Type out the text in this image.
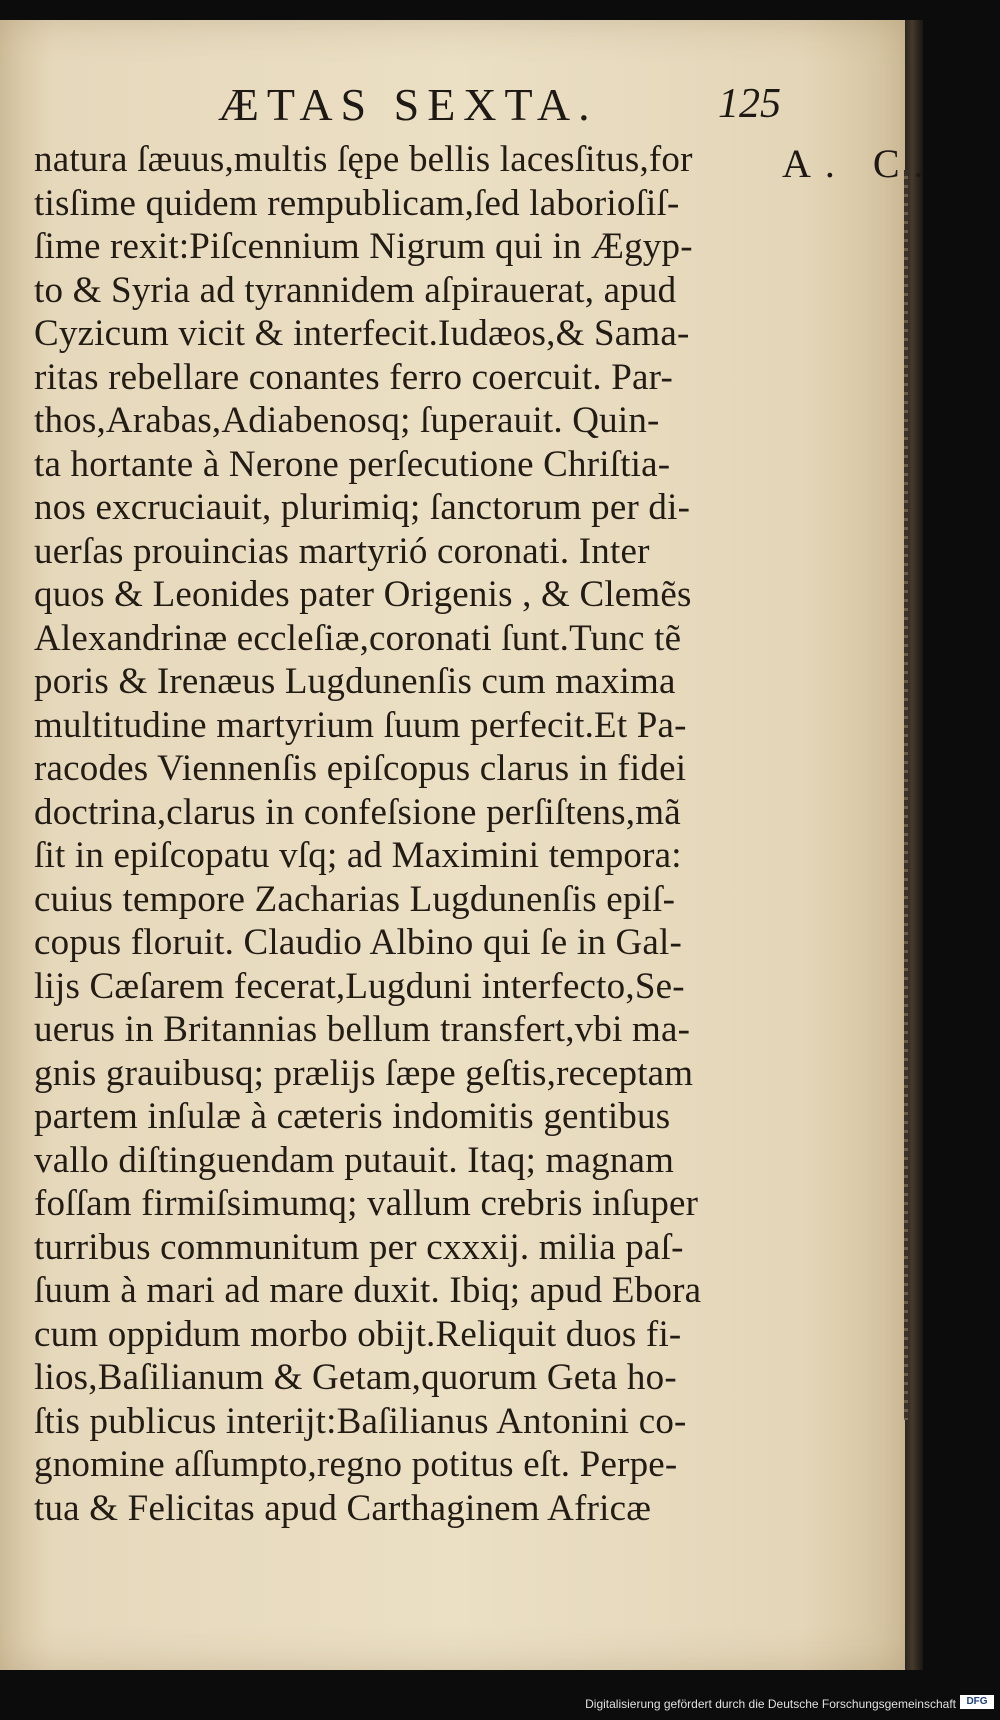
ÆTAS SEXTA.	125
A. C.
natura ſæuus,multis ſępe bellis lacesſitus,for
tisſime quidem rempublicam,ſed laborioſiſ-
ſime rexit:Piſcennium Nigrum qui in Ægyp-
to & Syria ad tyrannidem aſpirauerat, apud
Cyzicum vicit & interfecit.Iudæos,& Sama-
ritas rebellare conantes ferro coercuit. Par-
thos,Arabas,Adiabenosq; ſuperauit. Quin-
ta hortante à Nerone perſecutione Chriſtia-
nos excruciauit, plurimiq; ſanctorum per di-
uerſas prouincias martyrió coronati. Inter
quos & Leonides pater Origenis , & Clemẽs
Alexandrinæ eccleſiæ,coronati ſunt.Tunc tẽ
poris & Irenæus Lugdunenſis cum maxima
multitudine martyrium ſuum perfecit.Et Pa-
racodes Viennenſis epiſcopus clarus in fidei
doctrina,clarus in confeſsione perſiſtens,mã
ſit in epiſcopatu vſq; ad Maximini tempora:
cuius tempore Zacharias Lugdunenſis epiſ-
copus floruit. Claudio Albino qui ſe in Gal-
lijs Cæſarem fecerat,Lugduni interfecto,Se-
uerus in Britannias bellum transfert,vbi ma-
gnis grauibusq; prælijs ſæpe geſtis,receptam
partem inſulæ à cæteris indomitis gentibus
vallo diſtinguendam putauit. Itaq; magnam
foſſam firmiſsimumq; vallum crebris inſuper
turribus communitum per cxxxij. milia paſ-
ſuum à mari ad mare duxit. Ibiq; apud Ebora
cum oppidum morbo obijt.Reliquit duos fi-
lios,Baſilianum & Getam,quorum Geta ho-
ſtis publicus interijt:Baſilianus Antonini co-
gnomine aſſumpto,regno potitus eſt. Perpe-
tua & Felicitas apud Carthaginem Africæ
Digitalisierung gefördert durch die Deutsche Forschungsgemeinschaft	DFG
